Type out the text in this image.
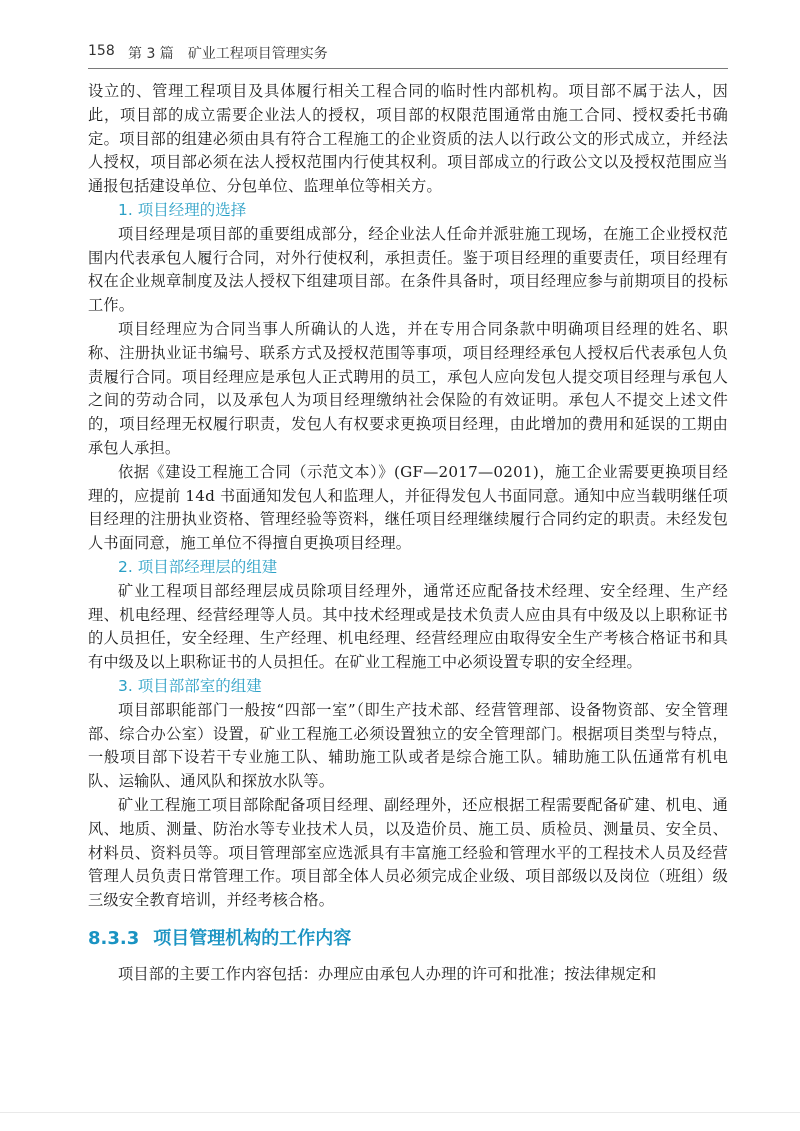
158 第 3 篇 矿业工程项目管理实务

设立的、管理工程项目及具体履行相关工程合同的临时性内部机构。项目部不属于法人，因此，项目部的成立需要企业法人的授权，项目部的权限范围通常由施工合同、授权委托书确定。项目部的组建必须由具有符合工程施工的企业资质的法人以行政公文的形式成立，并经法人授权，项目部必须在法人授权范围内行使其权利。项目部成立的行政公文以及授权范围应当通报包括建设单位、分包单位、监理单位等相关方。

1. 项目经理的选择

项目经理是项目部的重要组成部分，经企业法人任命并派驻施工现场，在施工企业授权范围内代表承包人履行合同，对外行使权利，承担责任。鉴于项目经理的重要责任，项目经理有权在企业规章制度及法人授权下组建项目部。在条件具备时，项目经理应参与前期项目的投标工作。

项目经理应为合同当事人所确认的人选，并在专用合同条款中明确项目经理的姓名、职称、注册执业证书编号、联系方式及授权范围等事项，项目经理经承包人授权后代表承包人负责履行合同。项目经理应是承包人正式聘用的员工，承包人应向发包人提交项目经理与承包人之间的劳动合同，以及承包人为项目经理缴纳社会保险的有效证明。承包人不提交上述文件的，项目经理无权履行职责，发包人有权要求更换项目经理，由此增加的费用和延误的工期由承包人承担。

依据《建设工程施工合同（示范文本）》(GF—2017—0201)，施工企业需要更换项目经理的，应提前 14d 书面通知发包人和监理人，并征得发包人书面同意。通知中应当载明继任项目经理的注册执业资格、管理经验等资料，继任项目经理继续履行合同约定的职责。未经发包人书面同意，施工单位不得擅自更换项目经理。

2. 项目部经理层的组建

矿业工程项目部经理层成员除项目经理外，通常还应配备技术经理、安全经理、生产经理、机电经理、经营经理等人员。其中技术经理或是技术负责人应由具有中级及以上职称证书的人员担任，安全经理、生产经理、机电经理、经营经理应由取得安全生产考核合格证书和具有中级及以上职称证书的人员担任。在矿业工程施工中必须设置专职的安全经理。

3. 项目部部室的组建

项目部职能部门一般按“四部一室”（即生产技术部、经营管理部、设备物资部、安全管理部、综合办公室）设置，矿业工程施工必须设置独立的安全管理部门。根据项目类型与特点，一般项目部下设若干专业施工队、辅助施工队或者是综合施工队。辅助施工队伍通常有机电队、运输队、通风队和探放水队等。

矿业工程施工项目部除配备项目经理、副经理外，还应根据工程需要配备矿建、机电、通风、地质、测量、防治水等专业技术人员，以及造价员、施工员、质检员、测量员、安全员、材料员、资料员等。项目管理部室应选派具有丰富施工经验和管理水平的工程技术人员及经营管理人员负责日常管理工作。项目部全体人员必须完成企业级、项目部级以及岗位（班组）级三级安全教育培训，并经考核合格。

8.3.3 项目管理机构的工作内容

项目部的主要工作内容包括：办理应由承包人办理的许可和批准；按法律规定和
